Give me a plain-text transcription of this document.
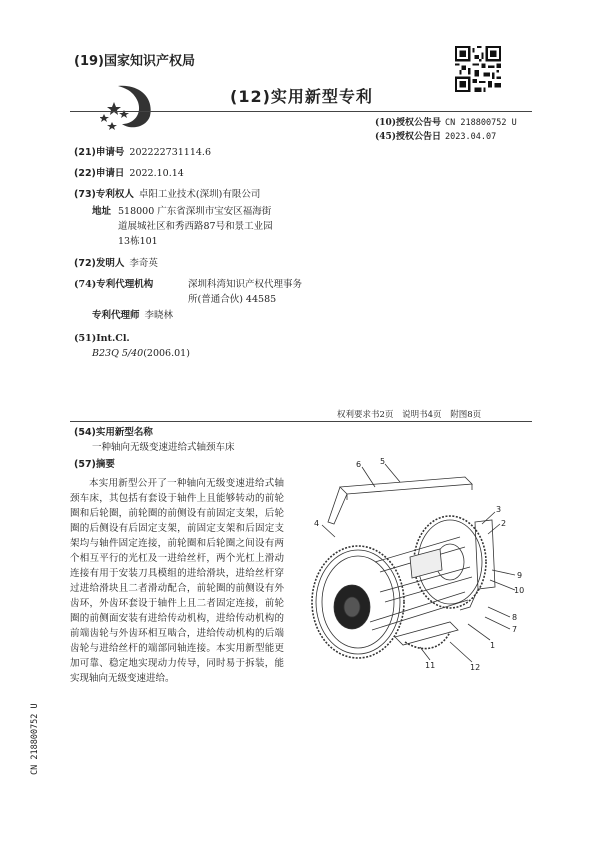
(19)国家知识产权局
(12)实用新型专利
(10)授权公告号 CN 218800752 U
(45)授权公告日 2023.04.07
(21)申请号 202222731114.6
(22)申请日 2022.10.14
(73)专利权人 卓阳工业技术(深圳)有限公司
地址 518000 广东省深圳市宝安区福海街
道展城社区和秀西路87号和景工业园
13栋101
(72)发明人 李奇英
(74)专利代理机构	深圳科湾知识产权代理事务
所(普通合伙) 44585
专利代理师 李晓林
(51)Int.Cl.
B23Q 5/40(2006.01)
权利要求书2页 说明书4页 附图8页
(54)实用新型名称
一种轴向无级变速进给式轴颈车床
(57)摘要
本实用新型公开了一种轴向无级变速进给式轴颈车床，其包括有套设于轴件上且能够转动的前轮圈和后轮圈，前轮圈的前侧设有前固定支架，后轮圈的后侧设有后固定支架，前固定支架和后固定支架均与轴件固定连接，前轮圈和后轮圈之间设有两个相互平行的光杠及一进给丝杆，两个光杠上滑动连接有用于安装刀具模组的进给滑块，进给丝杆穿过进给滑块且二者滑动配合，前轮圈的前侧设有外齿环，外齿环套设于轴件上且二者固定连接，前轮圈的前侧面安装有进给传动机构，进给传动机构的前端齿轮与外齿环相互啮合，进给传动机构的后端齿轮与进给丝杆的端部同轴连接。本实用新型能更加可靠、稳定地实现动力传导，同时易于拆装，能实现轴向无级变速进给。
CN 218800752 U
6 5
4
3
2
9
10
8
7
1
12
11
